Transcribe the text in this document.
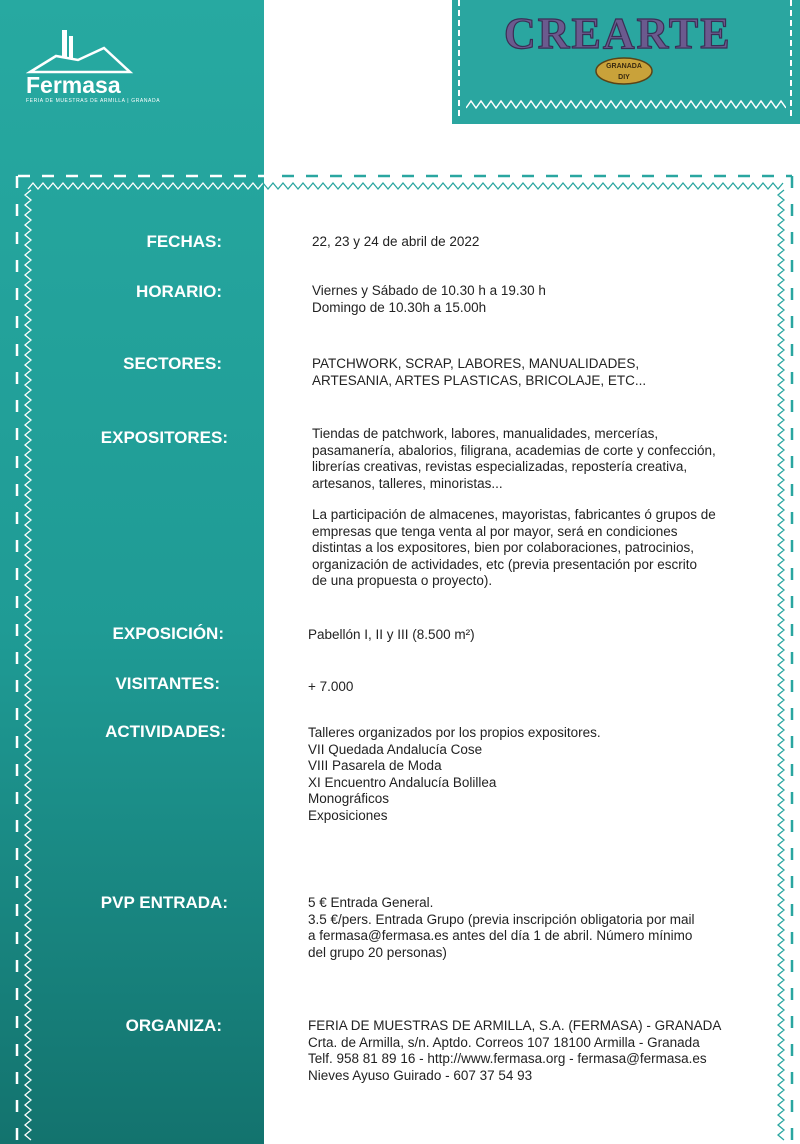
Fermasa
FERIA DE MUESTRAS DE ARMILLA | GRANADA
CREARTE
GRANADA
DIY
FECHAS:	22, 23 y 24 de abril de 2022
HORARIO:	Viernes y Sábado de 10.30 h a 19.30 h
Domingo de 10.30h a 15.00h
SECTORES:	PATCHWORK, SCRAP, LABORES, MANUALIDADES,
ARTESANIA, ARTES PLASTICAS, BRICOLAJE, ETC...
EXPOSITORES:	Tiendas de patchwork, labores, manualidades, mercerías,
pasamanería, abalorios, filigrana, academias de corte y confección,
librerías creativas, revistas especializadas, repostería creativa,
artesanos, talleres, minoristas...
La participación de almacenes, mayoristas, fabricantes ó grupos de
empresas que tenga venta al por mayor, será en condiciones
distintas a los expositores, bien por colaboraciones, patrocinios,
organización de actividades, etc (previa presentación por escrito
de una propuesta o proyecto).
EXPOSICIÓN:	Pabellón I, II y III (8.500 m²)
VISITANTES:	+ 7.000
ACTIVIDADES:	Talleres organizados por los propios expositores.
VII Quedada Andalucía Cose
VIII Pasarela de Moda
XI Encuentro Andalucía Bolillea
Monográficos
Exposiciones
PVP ENTRADA:	5 € Entrada General.
3.5 €/pers. Entrada Grupo (previa inscripción obligatoria por mail
a fermasa@fermasa.es antes del día 1 de abril. Número mínimo
del grupo 20 personas)
ORGANIZA:	FERIA DE MUESTRAS DE ARMILLA, S.A. (FERMASA) - GRANADA
Crta. de Armilla, s/n. Aptdo. Correos 107 18100 Armilla - Granada
Telf. 958 81 89 16 - http://www.fermasa.org - fermasa@fermasa.es
Nieves Ayuso Guirado - 607 37 54 93
